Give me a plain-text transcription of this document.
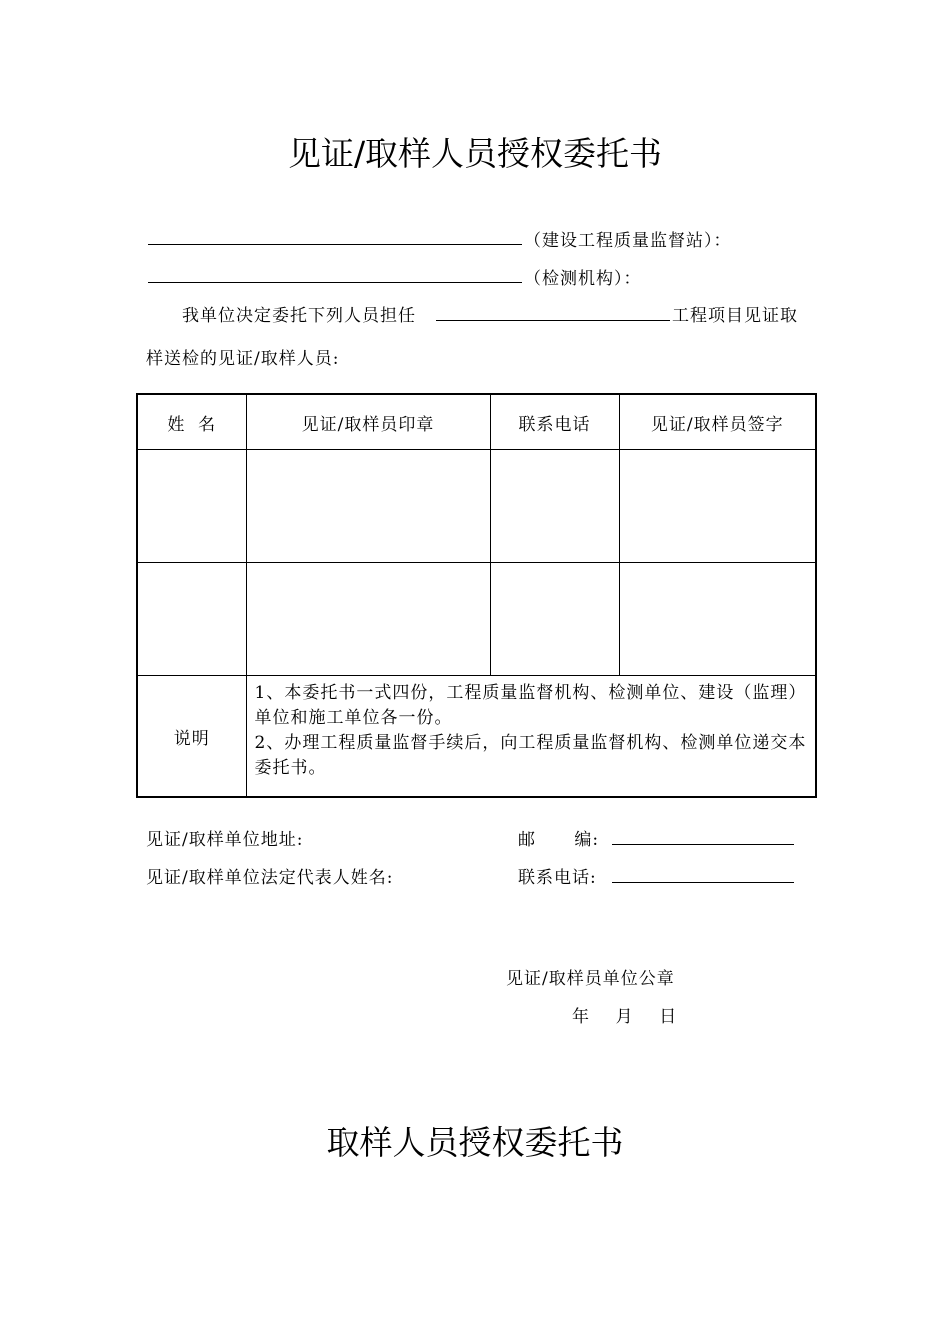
见证/取样人员授权委托书
（建设工程质量监督站）：
（检测机构）：
我单位决定委托下列人员担任	工程项目见证取
样送检的见证/取样人员:
姓  名	见证/取样员印章	联系电话	见证/取样员签字

说明	1、本委托书一式四份，工程质量监督机构、检测单位、建设（监理）单位和施工单位各一份。
2、办理工程质量监督手续后，向工程质量监督机构、检测单位递交本委托书。		
见证/取样单位地址:	邮      编:
见证/取样单位法定代表人姓名:	联系电话:
见证/取样员单位公章
年    月    日
取样人员授权委托书
